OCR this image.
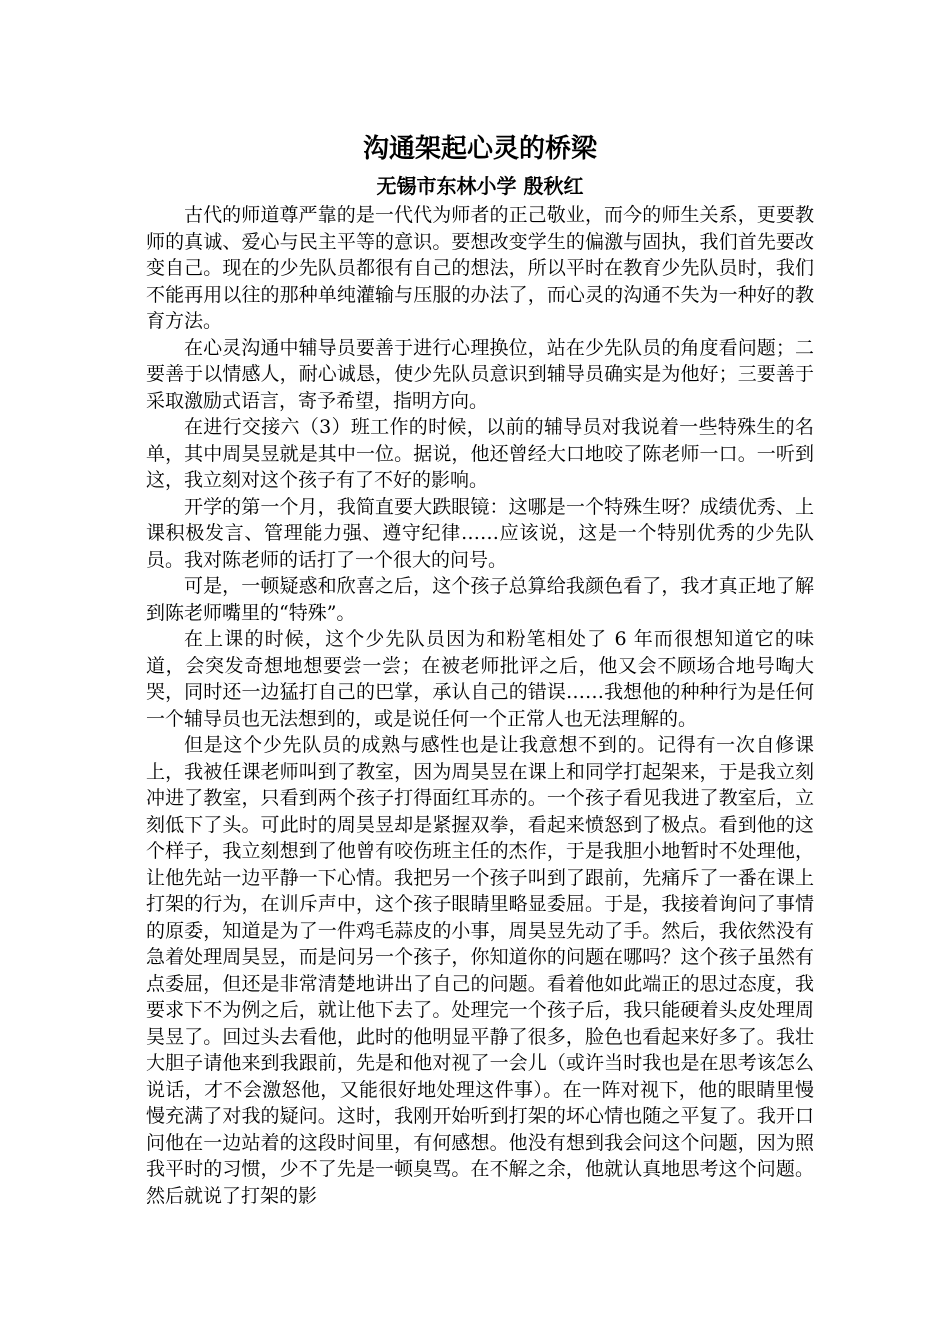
沟通架起心灵的桥梁
无锡市东林小学 殷秋红

古代的师道尊严靠的是一代代为师者的正己敬业，而今的师生关系，更要教师的真诚、爱心与民主平等的意识。要想改变学生的偏激与固执，我们首先要改变自己。现在的少先队员都很有自己的想法，所以平时在教育少先队员时，我们不能再用以往的那种单纯灌输与压服的办法了，而心灵的沟通不失为一种好的教育方法。

在心灵沟通中辅导员要善于进行心理换位，站在少先队员的角度看问题；二要善于以情感人，耐心诚恳，使少先队员意识到辅导员确实是为他好；三要善于采取激励式语言，寄予希望，指明方向。

在进行交接六（3）班工作的时候，以前的辅导员对我说着一些特殊生的名单，其中周昊昱就是其中一位。据说，他还曾经大口地咬了陈老师一口。一听到这，我立刻对这个孩子有了不好的影响。

开学的第一个月，我简直要大跌眼镜：这哪是一个特殊生呀？成绩优秀、上课积极发言、管理能力强、遵守纪律……应该说，这是一个特别优秀的少先队员。我对陈老师的话打了一个很大的问号。

可是，一顿疑惑和欣喜之后，这个孩子总算给我颜色看了，我才真正地了解到陈老师嘴里的“特殊”。

在上课的时候，这个少先队员因为和粉笔相处了 6 年而很想知道它的味道，会突发奇想地想要尝一尝；在被老师批评之后，他又会不顾场合地号啕大哭，同时还一边猛打自己的巴掌，承认自己的错误……我想他的种种行为是任何一个辅导员也无法想到的，或是说任何一个正常人也无法理解的。

但是这个少先队员的成熟与感性也是让我意想不到的。记得有一次自修课上，我被任课老师叫到了教室，因为周昊昱在课上和同学打起架来，于是我立刻冲进了教室，只看到两个孩子打得面红耳赤的。一个孩子看见我进了教室后，立刻低下了头。可此时的周昊昱却是紧握双拳，看起来愤怒到了极点。看到他的这个样子，我立刻想到了他曾有咬伤班主任的杰作，于是我胆小地暂时不处理他，让他先站一边平静一下心情。我把另一个孩子叫到了跟前，先痛斥了一番在课上打架的行为，在训斥声中，这个孩子眼睛里略显委屈。于是，我接着询问了事情的原委，知道是为了一件鸡毛蒜皮的小事，周昊昱先动了手。然后，我依然没有急着处理周昊昱，而是问另一个孩子，你知道你的问题在哪吗？这个孩子虽然有点委屈，但还是非常清楚地讲出了自己的问题。看着他如此端正的思过态度，我要求下不为例之后，就让他下去了。处理完一个孩子后，我只能硬着头皮处理周昊昱了。回过头去看他，此时的他明显平静了很多，脸色也看起来好多了。我壮大胆子请他来到我跟前，先是和他对视了一会儿（或许当时我也是在思考该怎么说话，才不会激怒他，又能很好地处理这件事）。在一阵对视下，他的眼睛里慢慢充满了对我的疑问。这时，我刚开始听到打架的坏心情也随之平复了。我开口问他在一边站着的这段时间里，有何感想。他没有想到我会问这个问题，因为照我平时的习惯，少不了先是一顿臭骂。在不解之余，他就认真地思考这个问题。然后就说了打架的影
